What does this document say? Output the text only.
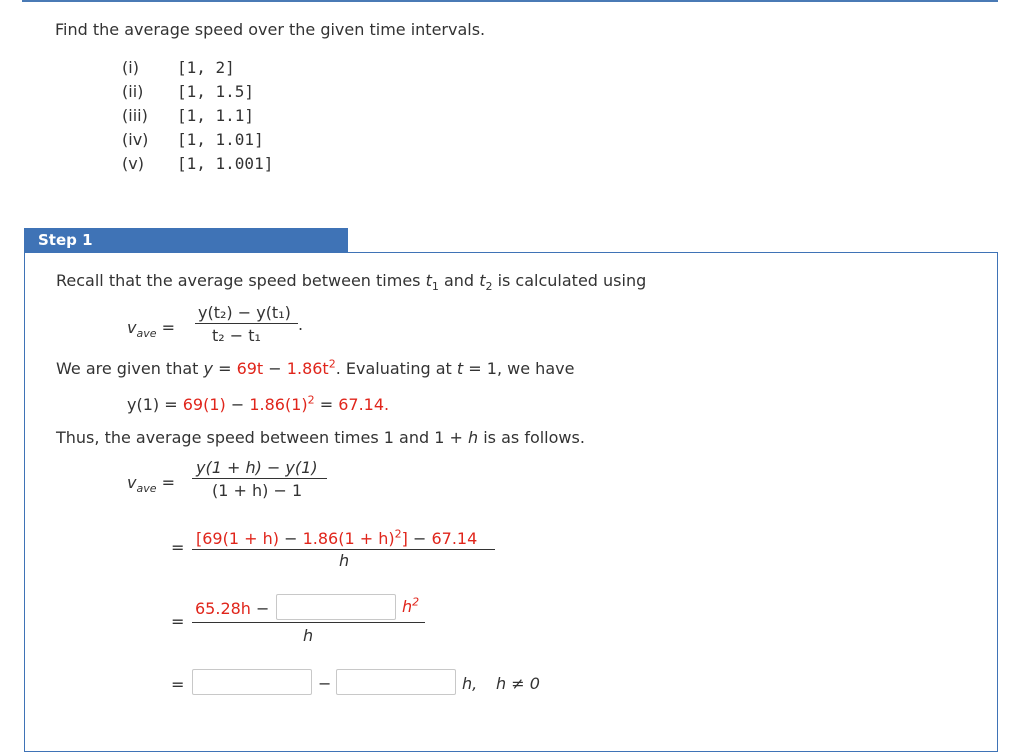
Find the average speed over the given time intervals.
(i) [1, 2]
(ii) [1, 1.5]
(iii) [1, 1.1]
(iv) [1, 1.01]
(v) [1, 1.001]
Step 1
Recall that the average speed between times $t_1$ and $t_2$ is calculated using
$v_{ave}$ =
y(t₂) − y(t₁)
t₂ − t₁
.
We are given that $y = 69t - 1.86t^2$. Evaluating at t = 1, we have
$y(1) = 69(1) - 1.86(1)^2 = 67.14$.
Thus, the average speed between times 1 and 1 + h is as follows.
$v_{ave}$ =
y(1 + h) − y(1)
(1 + h) − 1
= $[69(1 + h) - 1.86(1 + h)^2] - 67.14$
h
=
65.28h −	$h^2$
h
=	−	h, h ≠ 0
